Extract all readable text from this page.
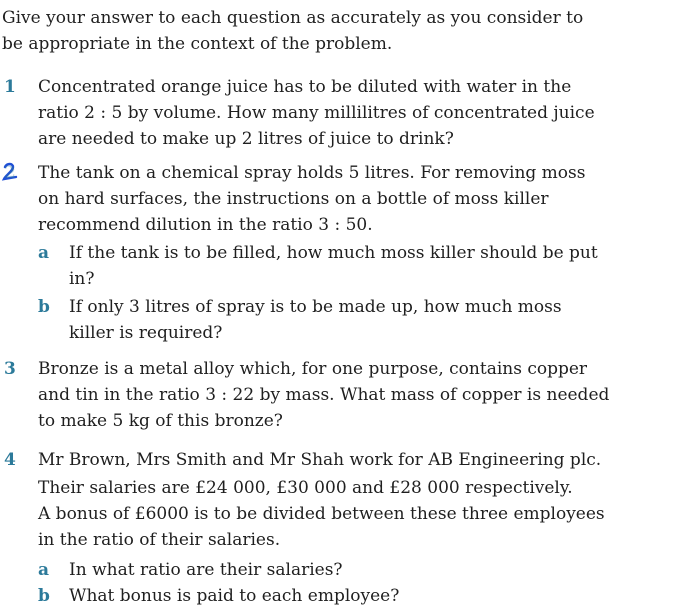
Give your answer to each question as accurately as you consider to
be appropriate in the context of the problem.
1 Concentrated orange juice has to be diluted with water in the
ratio 2 : 5 by volume. How many millilitres of concentrated juice
are needed to make up 2 litres of juice to drink?
2 The tank on a chemical spray holds 5 litres. For removing moss
on hard surfaces, the instructions on a bottle of moss killer
recommend dilution in the ratio 3 : 50.
a If the tank is to be filled, how much moss killer should be put
in?
b If only 3 litres of spray is to be made up, how much moss
killer is required?
3 Bronze is a metal alloy which, for one purpose, contains copper
and tin in the ratio 3 : 22 by mass. What mass of copper is needed
to make 5 kg of this bronze?
4 Mr Brown, Mrs Smith and Mr Shah work for AB Engineering plc.
Their salaries are £24 000, £30 000 and £28 000 respectively.
A bonus of £6000 is to be divided between these three employees
in the ratio of their salaries.
a In what ratio are their salaries?
b What bonus is paid to each employee?
